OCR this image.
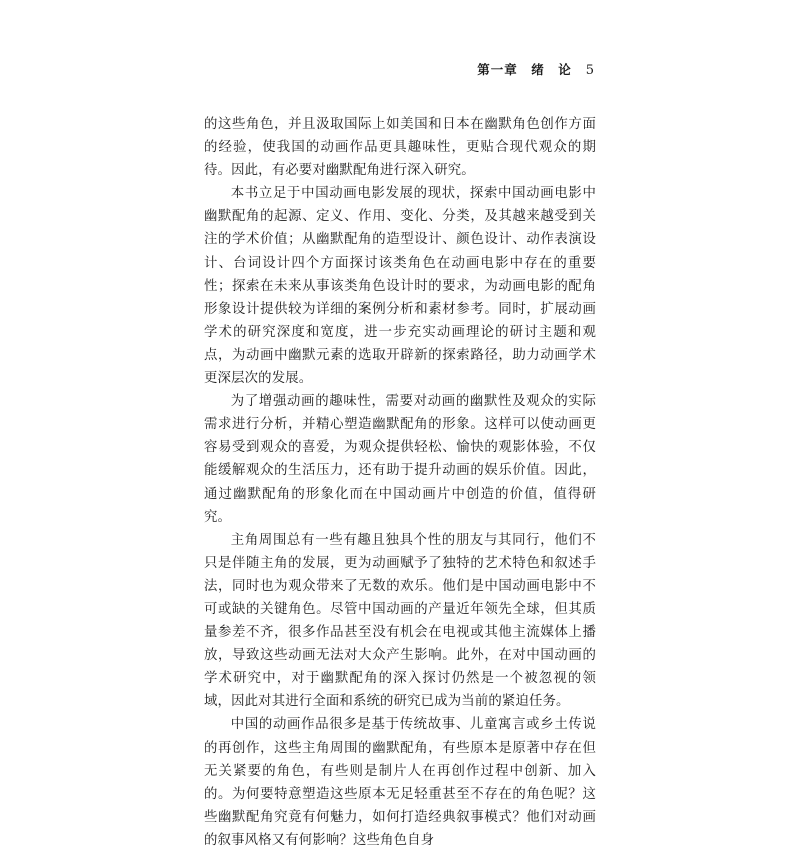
第一章　绪　论 5

的这些角色，并且汲取国际上如美国和日本在幽默角色创作方面的经验，使我国的动画作品更具趣味性，更贴合现代观众的期待。因此，有必要对幽默配角进行深入研究。

本书立足于中国动画电影发展的现状，探索中国动画电影中幽默配角的起源、定义、作用、变化、分类，及其越来越受到关注的学术价值；从幽默配角的造型设计、颜色设计、动作表演设计、台词设计四个方面探讨该类角色在动画电影中存在的重要性；探索在未来从事该类角色设计时的要求，为动画电影的配角形象设计提供较为详细的案例分析和素材参考。同时，扩展动画学术的研究深度和宽度，进一步充实动画理论的研讨主题和观点，为动画中幽默元素的选取开辟新的探索路径，助力动画学术更深层次的发展。

为了增强动画的趣味性，需要对动画的幽默性及观众的实际需求进行分析，并精心塑造幽默配角的形象。这样可以使动画更容易受到观众的喜爱，为观众提供轻松、愉快的观影体验，不仅能缓解观众的生活压力，还有助于提升动画的娱乐价值。因此，通过幽默配角的形象化而在中国动画片中创造的价值，值得研究。

主角周围总有一些有趣且独具个性的朋友与其同行，他们不只是伴随主角的发展，更为动画赋予了独特的艺术特色和叙述手法，同时也为观众带来了无数的欢乐。他们是中国动画电影中不可或缺的关键角色。尽管中国动画的产量近年领先全球，但其质量参差不齐，很多作品甚至没有机会在电视或其他主流媒体上播放，导致这些动画无法对大众产生影响。此外，在对中国动画的学术研究中，对于幽默配角的深入探讨仍然是一个被忽视的领域，因此对其进行全面和系统的研究已成为当前的紧迫任务。

中国的动画作品很多是基于传统故事、儿童寓言或乡土传说的再创作，这些主角周围的幽默配角，有些原本是原著中存在但无关紧要的角色，有些则是制片人在再创作过程中创新、加入的。为何要特意塑造这些原本无足轻重甚至不存在的角色呢？这些幽默配角究竟有何魅力，如何打造经典叙事模式？他们对动画的叙事风格又有何影响？这些角色自身
